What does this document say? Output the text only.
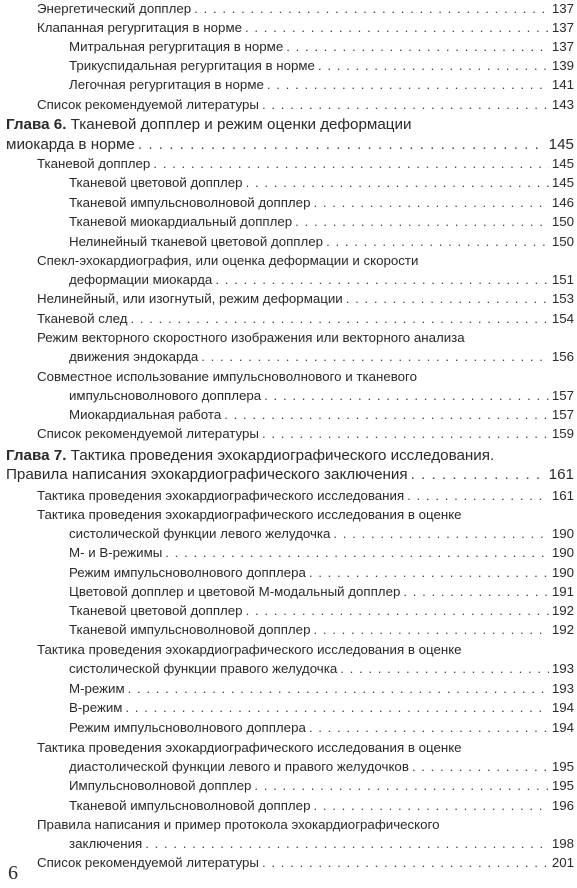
Энергетический допплер . . .	137
Клапанная регургитация в норме . . .	137
Митральная регургитация в норме . . .	137
Трикуспидальная регургитация в норме . . .	139
Легочная регургитация в норме . . .	141
Список рекомендуемой литературы . . .	143
Глава 6. Тканевой допплер и режим оценки деформации
миокарда в норме . . .	145
Тканевой допплер . . .	145
Тканевой цветовой допплер . . .	145
Тканевой импульсноволновой допплер . . .	146
Тканевой миокардиальный допплер . . .	150
Нелинейный тканевой цветовой допплер . . .	150
Спекл-эхокардиография, или оценка деформации и скорости
деформации миокарда . . .	151
Нелинейный, или изогнутый, режим деформации . . .	153
Тканевой след . . .	154
Режим векторного скоростного изображения или векторного анализа
движения эндокарда . . .	156
Совместное использование импульсноволнового и тканевого
импульсноволнового допплера . . .	157
Миокардиальная работа . . .	157
Список рекомендуемой литературы . . .	159
Глава 7. Тактика проведения эхокардиографического исследования.
Правила написания эхокардиографического заключения . . .	161
Тактика проведения эхокардиографического исследования . . .	161
Тактика проведения эхокардиографического исследования в оценке
систолической функции левого желудочка . . .	190
М- и В-режимы . . .	190
Режим импульсноволнового допплера . . .	190
Цветовой допплер и цветовой М-модальный допплер . . .	191
Тканевой цветовой допплер . . .	192
Тканевой импульсноволновой допплер . . .	192
Тактика проведения эхокардиографического исследования в оценке
систолической функции правого желудочка . . .	193
М-режим . . .	193
В-режим . . .	194
Режим импульсноволнового допплера . . .	194
Тактика проведения эхокардиографического исследования в оценке
диастолической функции левого и правого желудочков . . .	195
Импульсноволновой допплер . . .	195
Тканевой импульсноволновой допплер . . .	196
Правила написания и пример протокола эхокардиографического
заключения . . .	198
Список рекомендуемой литературы . . .	201
6
